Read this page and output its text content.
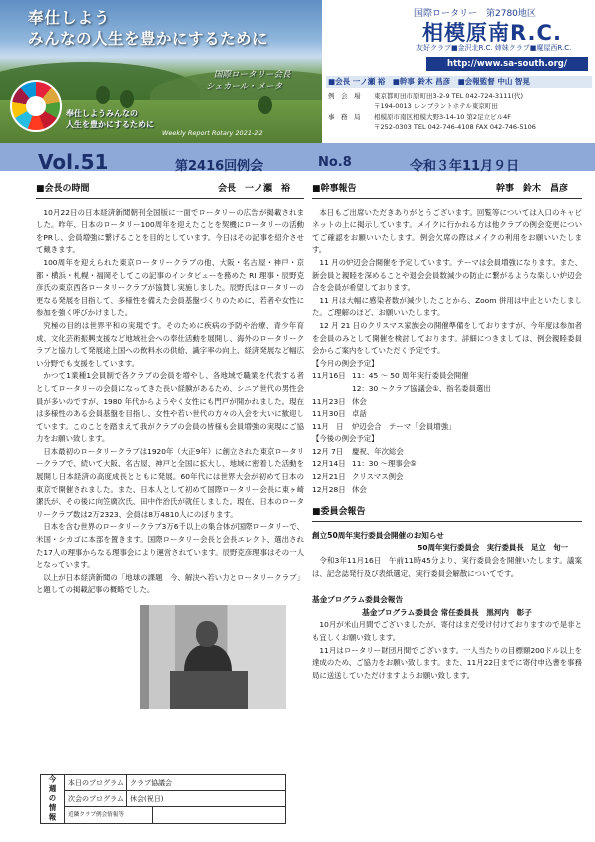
奉仕しよう
みんなの人生を豊かにするために
国際ロータリー会長
シェカール・メータ
奉仕しようみんなの
人生を豊かにするために
Weekly Report Rotary 2021-22
国際ロータリー　第2780地区
相模原南R.C.
友好クラブ■金沢北R.C. 姉妹クラブ■魔屋西R.C.
http://www.sa-south.org/
■会長 一ノ瀬 裕　■幹事 鈴木 昌彦　■会報監督 中山 智晃
例　会　場 東京都町田市原町田3-2-9 TEL 042-724-3111(代)
〒194-0013 レンブラントホテル東京町田
事　務　局 相模原市南区相模大野3-14-10 第2足立ビル4F
〒252-0303 TEL 042-746-4108 FAX 042-746-5106
Vol.51	第2416回例会	No.8	令和３年11月９日
■会長の時間	会長　一ノ瀬　裕

10月22日の日本経済新聞朝刊全国版に一面でロータリーの広告が掲載されました。昨年、日本のロータリー100周年を迎えたことを契機にロータリーの活動をPRし、会員増強に繋げることを目的としています。今日はその記事を紹介させて戴きます。

100周年を迎えられた東京ロータリークラブの他、大阪・名古屋・神戸・京都・横浜・札幌・福岡そしてこの記事のインタビューを務めた RI 理事・辰野克彦氏の東京西各ロータリークラブが協賛し実施しました。辰野氏はロータリーの更なる発展を目指して、多様性を備えた会員基盤づくりのために、若者や女性に参加を強く呼びかけました。

究極の目的は世界平和の実現です。そのために疾病の予防や治療、青少年育成、文化芸術振興支援など地域社会への奉仕活動を展開し、海外のロータリークラブと協力して発展途上国への飲料水の供給、識字率の向上、経済発展など幅広い分野でも支援をしています。

かつて1業種1会員制で各クラブの会員を増やし、各地域で職業を代表する者としてロータリーの会員になってきた長い経験があるため、シニア世代の男性会員が多いのですが、1980 年代からようやく女性にも門戸が開かれました。現在は多様性のある会員基盤を目指し、女性や若い世代の方々の入会を大いに歓迎しています。このことを踏まえて我がクラブの会員の皆様も会員増強の実現にご協力をお願い致します。

日本最初のロータリークラブは1920年（大正9年）に創立された東京ロータリークラブで、続いて大阪、名古屋、神戸と全国に拡大し、地域に密着した活動を展開し日本経済の高度成長とともに発展。60年代には世界大会が初めて日本の東京で開催されました。また、日本人として初めて国際ロータリー会長に東ヶ崎潔氏が、その後に向笠廣次氏、田中作治氏が就任しました。現在、日本のロータリークラブ数は2万2323、会員は8万4810人にのぼります。

日本を含む世界のロータリークラブ3万6千以上の集合体が国際ロータリーで、米国・シカゴに本部を置きます。国際ロータリー会長と会長エレクト、選出された17人の理事からなる理事会により運営されています。辰野克彦理事はその一人となっています。

以上が日本経済新聞の「地球の課題　今、解決へ若い力とロータリークラブ」と題しての掲載記事の概略でした。

■幹事報告	幹事　鈴木　昌彦

本日もご出席いただきありがとうございます。回覧等については入口のキャビネットの上に掲示しています。メイクに行かれる方は他クラブの例会変更についてご確認をお願いいたします。例会欠席の際はメイクの利用をお願いいたします。

11 月の炉辺会合開催を予定しています。テーマは会員増強になります。また、新会員と親睦を深めることや退会会員数減少の防止に繋がるような楽しい炉辺会合を会員が希望しております。

11 月は大幅に感染者数が減少したことから、Zoom 併用は中止といたしました。ご理解のほど、お願いいたします。

12 月 21 日のクリスマス家族会の開催準備をしておりますが、今年度は参加者を会員のみとして開催を検討しております。詳細につきましては、例会親睦委員会からご案内をしていただく予定です。

【今月の例会予定】
11月16日 11：45 ～ 50 周年実行委員会開催
12：30 ～クラブ協議会①、指名委員選出
11月23日 休会
11月30日 卓話
11月　日	炉辺会合　テーマ「会員増強」
【今後の例会予定】
12月 7日	慶祝、年次総会
12月14日 11：30 ～理事会⑤
12月21日 クリスマス例会
12月28日 休会
■委員会報告
創立50周年実行委員会開催のお知らせ
50周年実行委員会　実行委員長　足立　旬一

令和3年11月16日　午前11時45分より、実行委員会を開催いたします。議案は、記念誌発行及び表紙選定、実行委員会解散についてです。

基金プログラム委員会報告
基金プログラム委員会 常任委員長　黒河内　彰子

10月が米山月間でございましたが、寄付はまだ受け付けておりますので是非とも宜しくお願い致します。

11月はロータリー財団月間でございます。一人当たりの目標額200ドル以上を達成のため、ご協力をお願い致します。また、11月22日までに寄付申込書を事務局に送送していただけますようお願い致します。

今週の情報	本日のプログラム クラブ協議会
次会のプログラム 休会(祝日)
近隣クラブ例会情報等
